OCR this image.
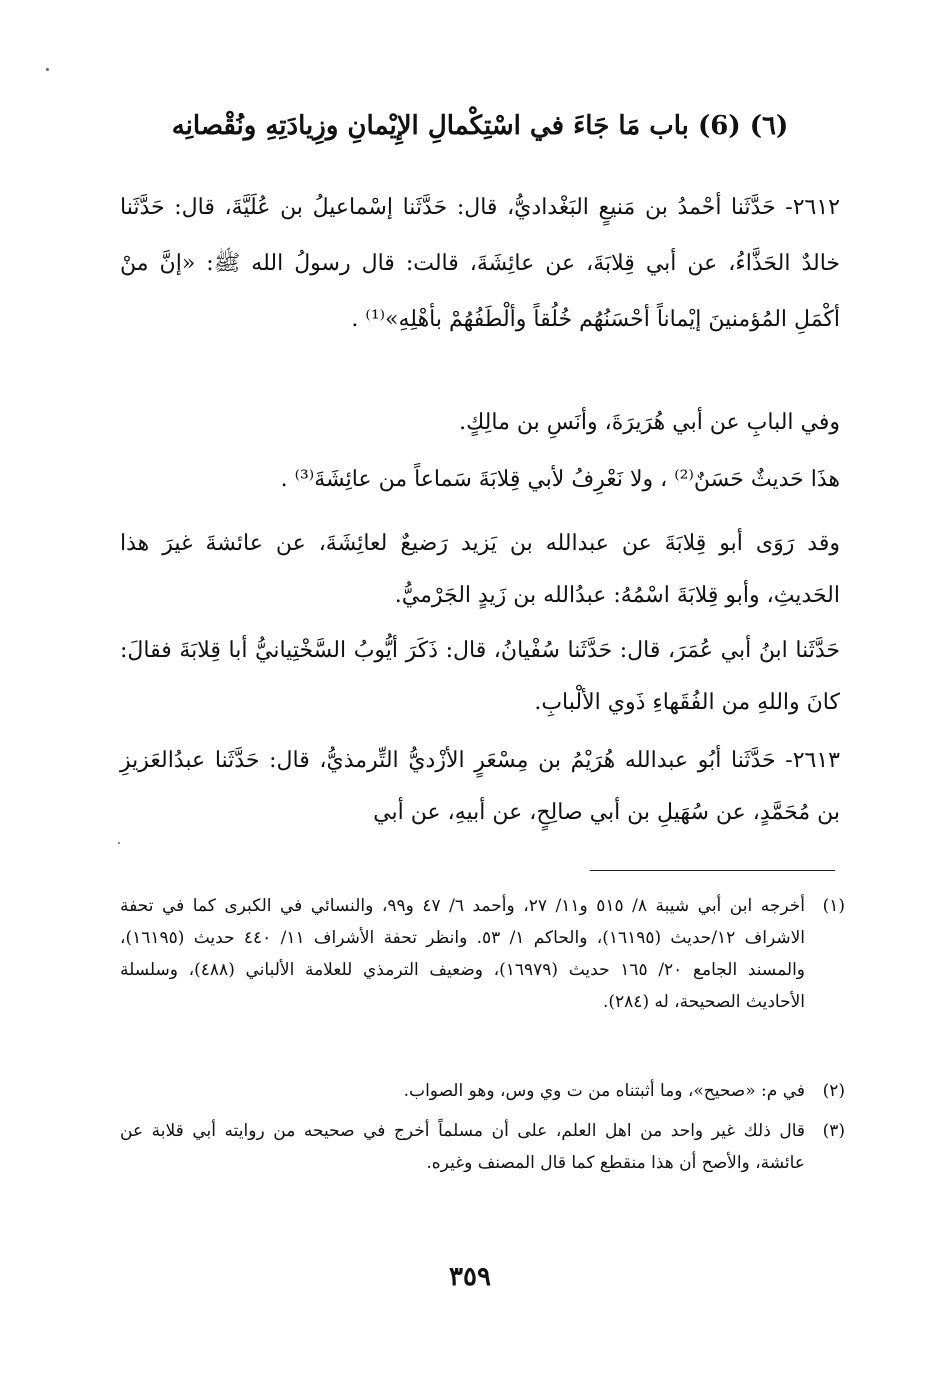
(٦) (6) باب مَا جَاءَ في اسْتِكْمالِ الإِيْمانِ وزِيادَتِهِ ونُقْصانِه

٢٦١٢- حَدَّثَنا أحْمدُ بن مَنيعٍ البَغْداديُّ، قال: حَدَّثَنا إسْماعيلُ بن عُلَيَّةَ، قال: حَدَّثَنا خالدٌ الحَذَّاءُ، عن أبي قِلابَةَ، عن عائِشَةَ، قالت: قال رسولُ الله ﷺ: «إنَّ منْ أكْمَلِ المُؤمنينَ إيْماناً أحْسَنُهُم خُلُقاً وألْطَفُهُمْ بأهْلِهِ»⁽¹⁾ .

وفي البابِ عن أبي هُرَيرَةَ، وأنَسِ بن مالِكٍ.

هذَا حَديثٌ حَسَنٌ⁽²⁾ ، ولا نَعْرِفُ لأبي قِلابَةَ سَماعاً من عائِشَةَ⁽³⁾ .

وقد رَوَى أبو قِلابَةَ عن عبدالله بن يَزيد رَضيعٌ لعائِشَةَ، عن عائشةَ غيرَ هذا الحَديثِ، وأبو قِلابَةَ اسْمُهُ: عبدُالله بن زَيدٍ الجَرْميُّ.

حَدَّثَنا ابنُ أبي عُمَرَ، قال: حَدَّثَنا سُفْيانُ، قال: ذَكَرَ أيُّوبُ السَّخْتِيانيُّ أبا قِلابَةَ فقالَ: كانَ واللهِ من الفُقَهاءِ ذَوي الألْبابِ.

٢٦١٣- حَدَّثَنا أبُو عبدالله هُرَيْمُ بن مِسْعَرٍ الأزْديُّ التِّرمذيُّ، قال: حَدَّثَنا عبدُالعَزيزِ بن مُحَمَّدٍ، عن سُهَيلِ بن أبي صالِحٍ، عن أبيهِ، عن أبي

(١)
أخرجه ابن أبي شيبة ٨/ ٥١٥ و١١/ ٢٧، وأحمد ٦/ ٤٧ و٩٩، والنسائي في الكبرى كما في تحفة الاشراف ١٢/حديث (١٦١٩٥)، والحاكم ١/ ٥٣. وانظر تحفة الأشراف ١١/ ٤٤٠ حديث (١٦١٩٥)، والمسند الجامع ٢٠/ ١٦٥ حديث (١٦٩٧٩)، وضعيف الترمذي للعلامة الألباني (٤٨٨)، وسلسلة الأحاديث الصحيحة، له (٢٨٤).
(٢)
في م: «صحيح»، وما أثبتناه من ت وي وس، وهو الصواب.
(٣)
قال ذلك غير واحد من اهل العلم، على أن مسلماً أخرج في صحيحه من روايته أبي قلابة عن عائشة، والأصح أن هذا منقطع كما قال المصنف وغيره.
٣٥٩
